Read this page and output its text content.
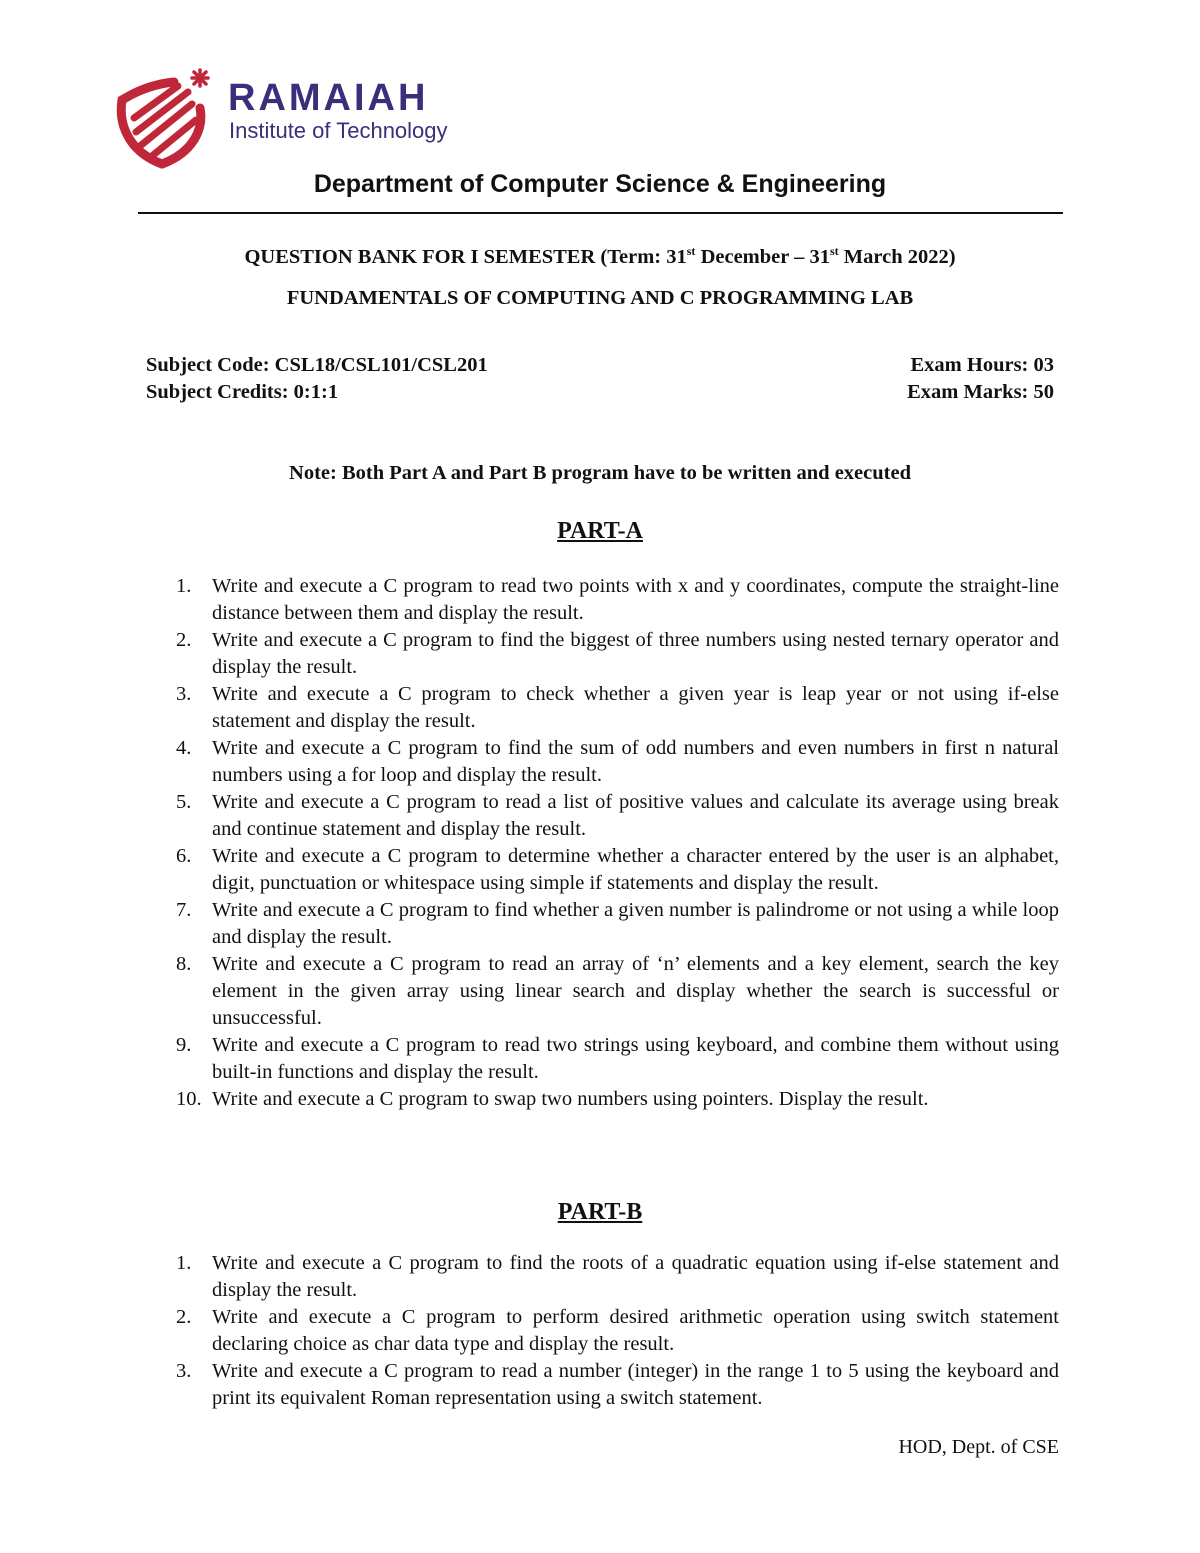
RAMAIAH
Institute of Technology
Department of Computer Science & Engineering
QUESTION BANK FOR I SEMESTER (Term: 31st December – 31st March 2022)
FUNDAMENTALS OF COMPUTING AND C PROGRAMMING LAB
Subject Code: CSL18/CSL101/CSL201
Subject Credits: 0:1:1
Exam Hours: 03
Exam Marks: 50
Note: Both Part A and Part B program have to be written and executed
PART-A
1. Write and execute a C program to read two points with x and y coordinates, compute the straight-line distance between them and display the result.
2. Write and execute a C program to find the biggest of three numbers using nested ternary operator and display the result.
3. Write and execute a C program to check whether a given year is leap year or not using if-else statement and display the result.
4. Write and execute a C program to find the sum of odd numbers and even numbers in first n natural numbers using a for loop and display the result.
5. Write and execute a C program to read a list of positive values and calculate its average using break and continue statement and display the result.
6. Write and execute a C program to determine whether a character entered by the user is an alphabet, digit, punctuation or whitespace using simple if statements and display the result.
7. Write and execute a C program to find whether a given number is palindrome or not using a while loop and display the result.
8. Write and execute a C program to read an array of ‘n’ elements and a key element, search the key element in the given array using linear search and display whether the search is successful or unsuccessful.
9. Write and execute a C program to read two strings using keyboard, and combine them without using built-in functions and display the result.
10. Write and execute a C program to swap two numbers using pointers. Display the result.
PART-B
1. Write and execute a C program to find the roots of a quadratic equation using if-else statement and display the result.
2. Write and execute a C program to perform desired arithmetic operation using switch statement declaring choice as char data type and display the result.
3. Write and execute a C program to read a number (integer) in the range 1 to 5 using the keyboard and print its equivalent Roman representation using a switch statement.
HOD, Dept. of CSE
